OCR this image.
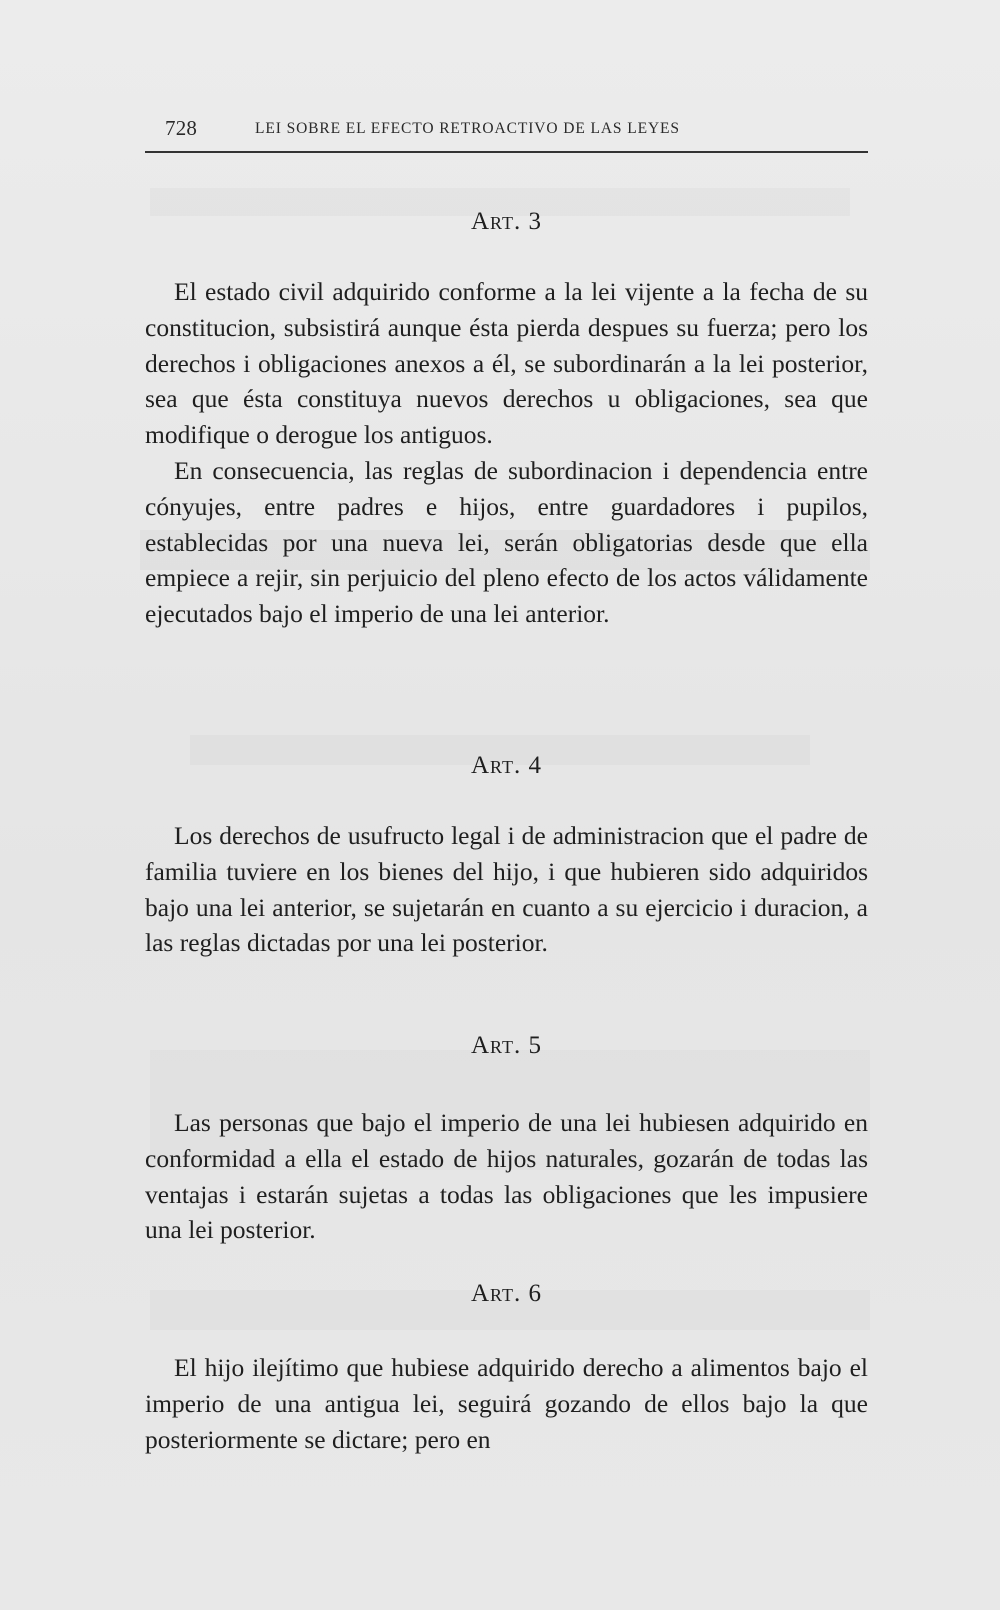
728	LEI SOBRE EL EFECTO RETROACTIVO DE LAS LEYES
Art. 3

El estado civil adquirido conforme a la lei vijente a la fecha de su constitucion, subsistirá aunque ésta pierda despues su fuerza; pero los derechos i obligaciones anexos a él, se subordinarán a la lei posterior, sea que ésta constituya nuevos derechos u obligaciones, sea que modifique o derogue los antiguos.

En consecuencia, las reglas de subordinacion i dependencia entre cónyujes, entre padres e hijos, entre guardadores i pupilos, establecidas por una nueva lei, serán obligatorias desde que ella empiece a rejir, sin perjuicio del pleno efecto de los actos válidamente ejecutados bajo el imperio de una lei anterior.

Art. 4

Los derechos de usufructo legal i de administracion que el padre de familia tuviere en los bienes del hijo, i que hubieren sido adquiridos bajo una lei anterior, se sujetarán en cuanto a su ejercicio i duracion, a las reglas dictadas por una lei posterior.

Art. 5

Las personas que bajo el imperio de una lei hubiesen adquirido en conformidad a ella el estado de hijos naturales, gozarán de todas las ventajas i estarán sujetas a todas las obligaciones que les impusiere una lei posterior.

Art. 6

El hijo ilejítimo que hubiese adquirido derecho a alimentos bajo el imperio de una antigua lei, seguirá gozando de ellos bajo la que posteriormente se dictare; pero en
